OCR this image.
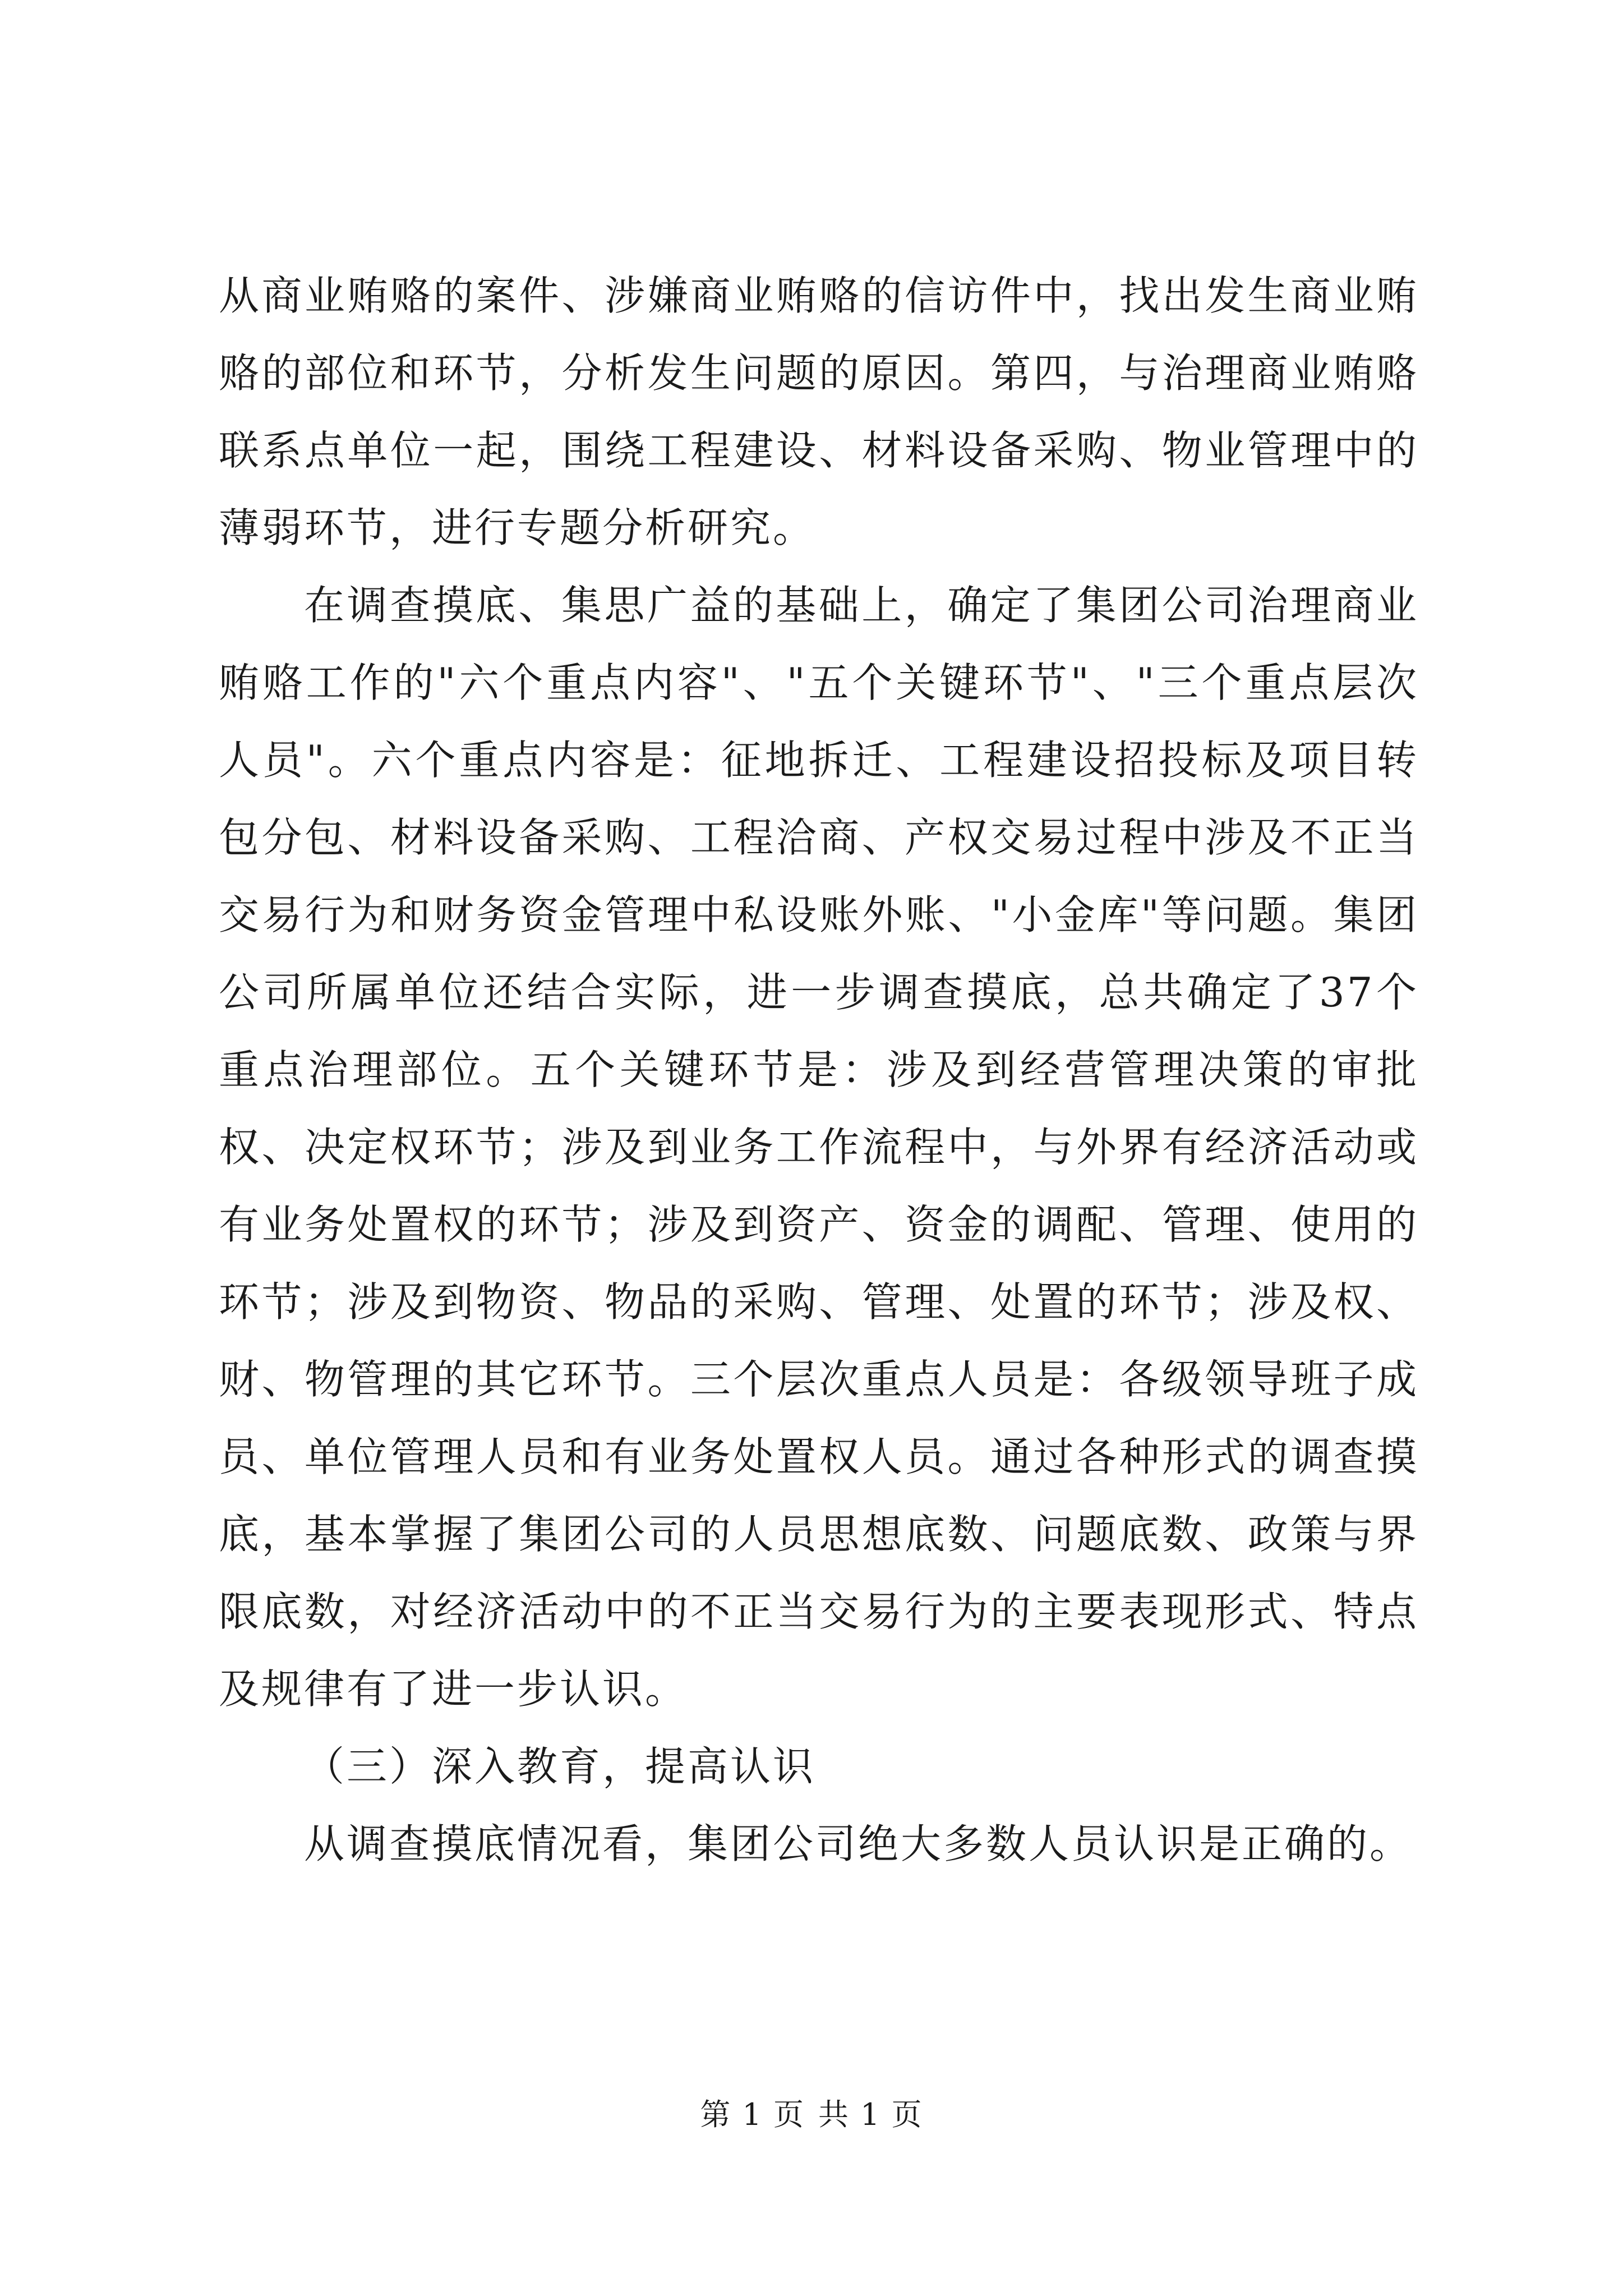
从商业贿赂的案件、涉嫌商业贿赂的信访件中，找出发生商业贿赂的部位和环节，分析发生问题的原因。第四，与治理商业贿赂联系点单位一起，围绕工程建设、材料设备采购、物业管理中的薄弱环节，进行专题分析研究。

在调查摸底、集思广益的基础上，确定了集团公司治理商业贿赂工作的"六个重点内容"、"五个关键环节"、"三个重点层次人员"。六个重点内容是：征地拆迁、工程建设招投标及项目转包分包、材料设备采购、工程洽商、产权交易过程中涉及不正当交易行为和财务资金管理中私设账外账、"小金库"等问题。集团公司所属单位还结合实际，进一步调查摸底，总共确定了37个重点治理部位。五个关键环节是：涉及到经营管理决策的审批权、决定权环节；涉及到业务工作流程中，与外界有经济活动或有业务处置权的环节；涉及到资产、资金的调配、管理、使用的环节；涉及到物资、物品的采购、管理、处置的环节；涉及权、财、物管理的其它环节。三个层次重点人员是：各级领导班子成员、单位管理人员和有业务处置权人员。通过各种形式的调查摸底，基本掌握了集团公司的人员思想底数、问题底数、政策与界限底数，对经济活动中的不正当交易行为的主要表现形式、特点及规律有了进一步认识。

（三）深入教育，提高认识

从调查摸底情况看，集团公司绝大多数人员认识是正确的。

第 1 页 共 1 页
